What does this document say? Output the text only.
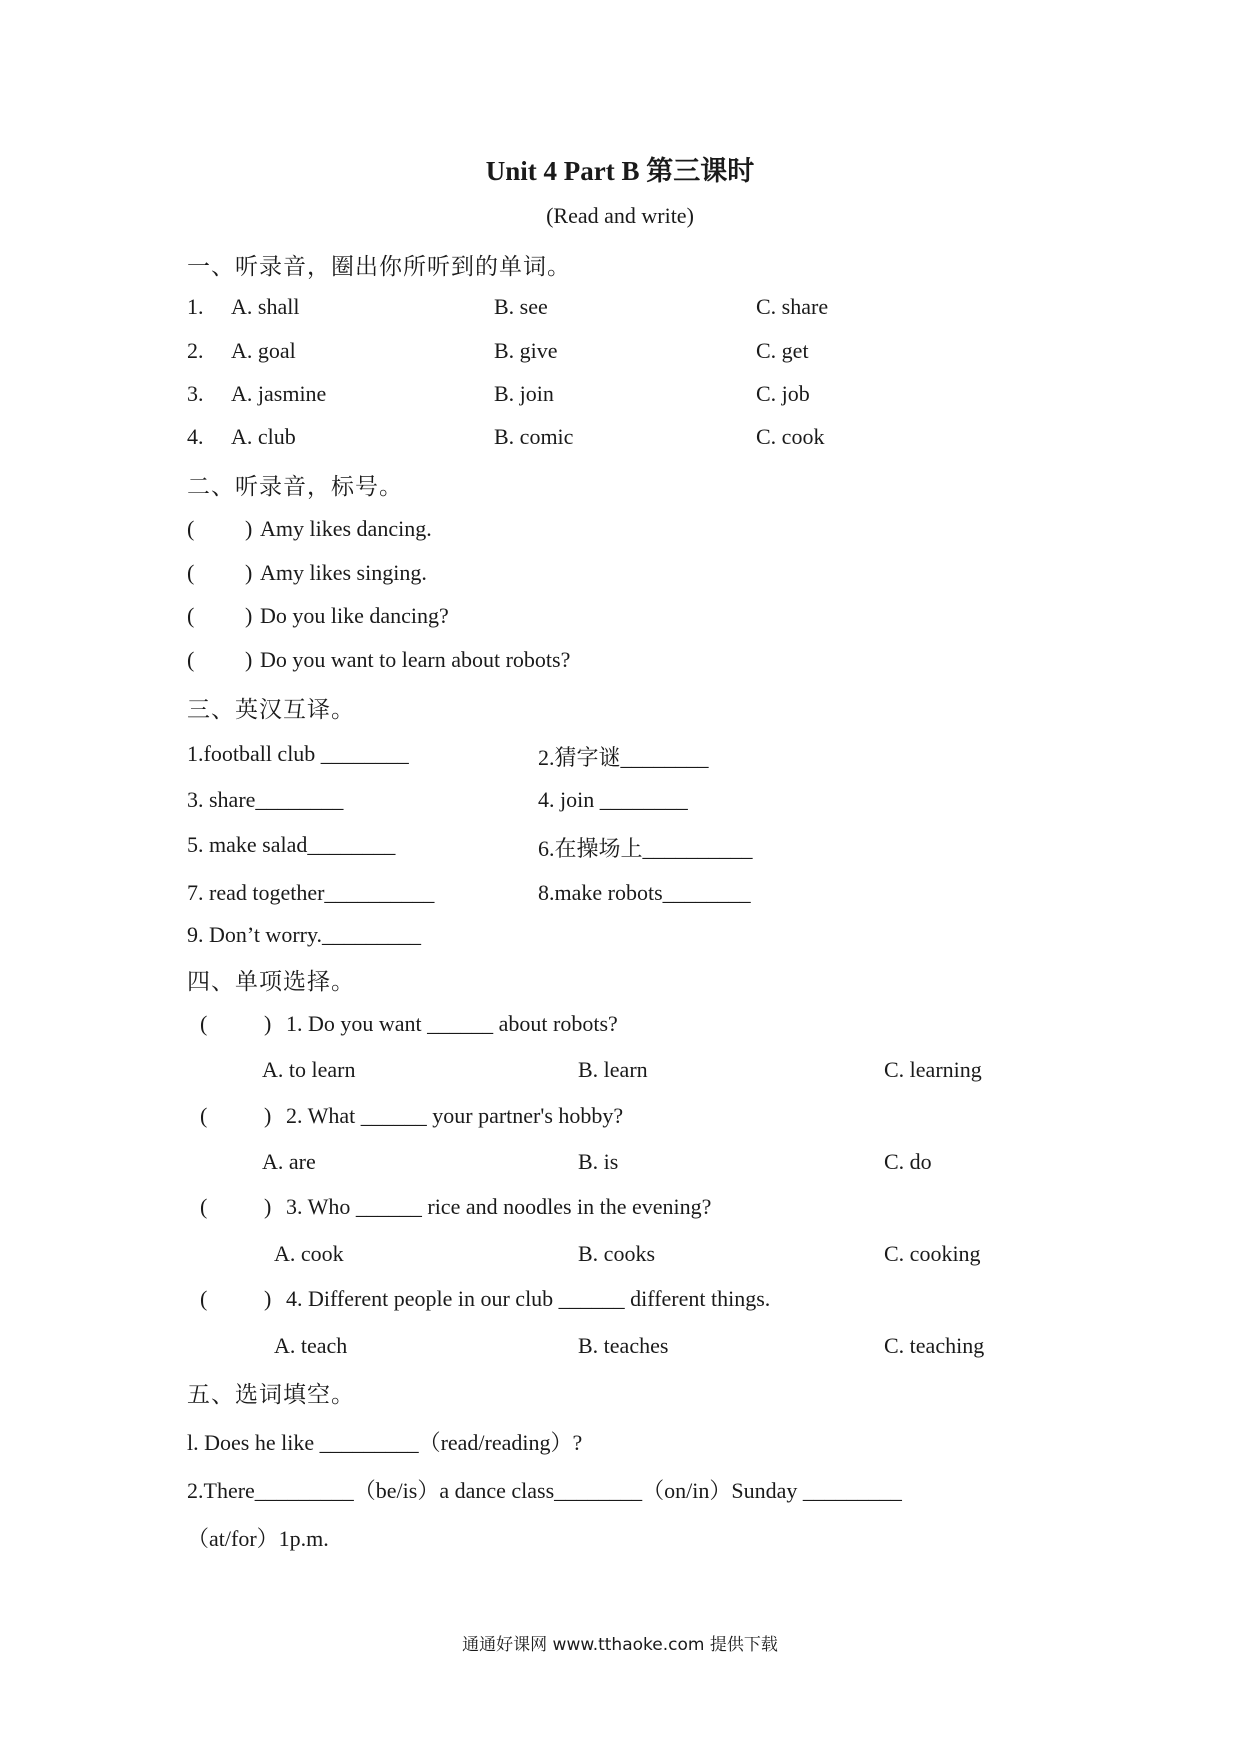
Unit 4 Part B 第三课时
(Read and write)
一、听录音，圈出你所听到的单词。
1. A. shall	B. see	C. share
2. A. goal	B. give	C. get
3. A. jasmine	B. join	C. job
4. A. club	B. comic	C. cook
二、听录音，标号。
( ) Amy likes dancing.
( ) Amy likes singing.
( ) Do you like dancing?
( ) Do you want to learn about robots?
三、英汉互译。
1.football club ________	2.猜字谜________
3. share________	4. join ________
5. make salad________	6.在操场上__________
7. read together__________	8.make robots________
9. Don’t worry._________
四、单项选择。
(	) 1. Do you want ______ about robots?
A. to learn	B. learn	C. learning
(	) 2. What ______ your partner's hobby?
A. are	B. is	C. do
(	) 3. Who ______ rice and noodles in the evening?
A. cook	B. cooks	C. cooking
(	) 4. Different people in our club ______ different things.
A. teach	B. teaches	C. teaching
五、选词填空。
l. Does he like _________（read/reading）?
2.There_________（be/is）a dance class________（on/in）Sunday _________
（at/for）1p.m.
通通好课网 www.tthaoke.com 提供下载
